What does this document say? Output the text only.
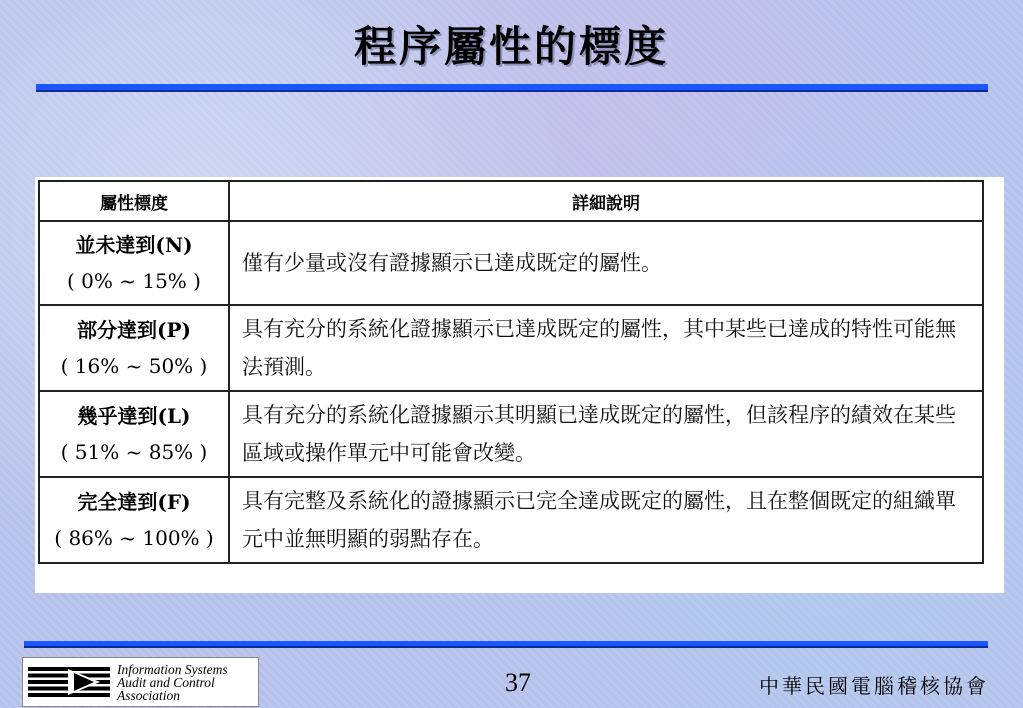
程序屬性的標度
屬性標度	詳細說明

並未達到(N)
( 0% ~ 15% )	僅有少量或沒有證據顯示已達成既定的屬性。

部分達到(P)
( 16% ~ 50% )	具有充分的系統化證據顯示已達成既定的屬性，其中某些已達成的特性可能無法預測。

幾乎達到(L)
( 51% ~ 85% )	具有充分的系統化證據顯示其明顯已達成既定的屬性，但該程序的績效在某些區域或操作單元中可能會改變。

完全達到(F)
( 86% ~ 100% )	具有完整及系統化的證據顯示已完全達成既定的屬性，且在整個既定的組織單元中並無明顯的弱點存在。
Information Systems
Audit and Control
Association	37	中華民國電腦稽核協會
